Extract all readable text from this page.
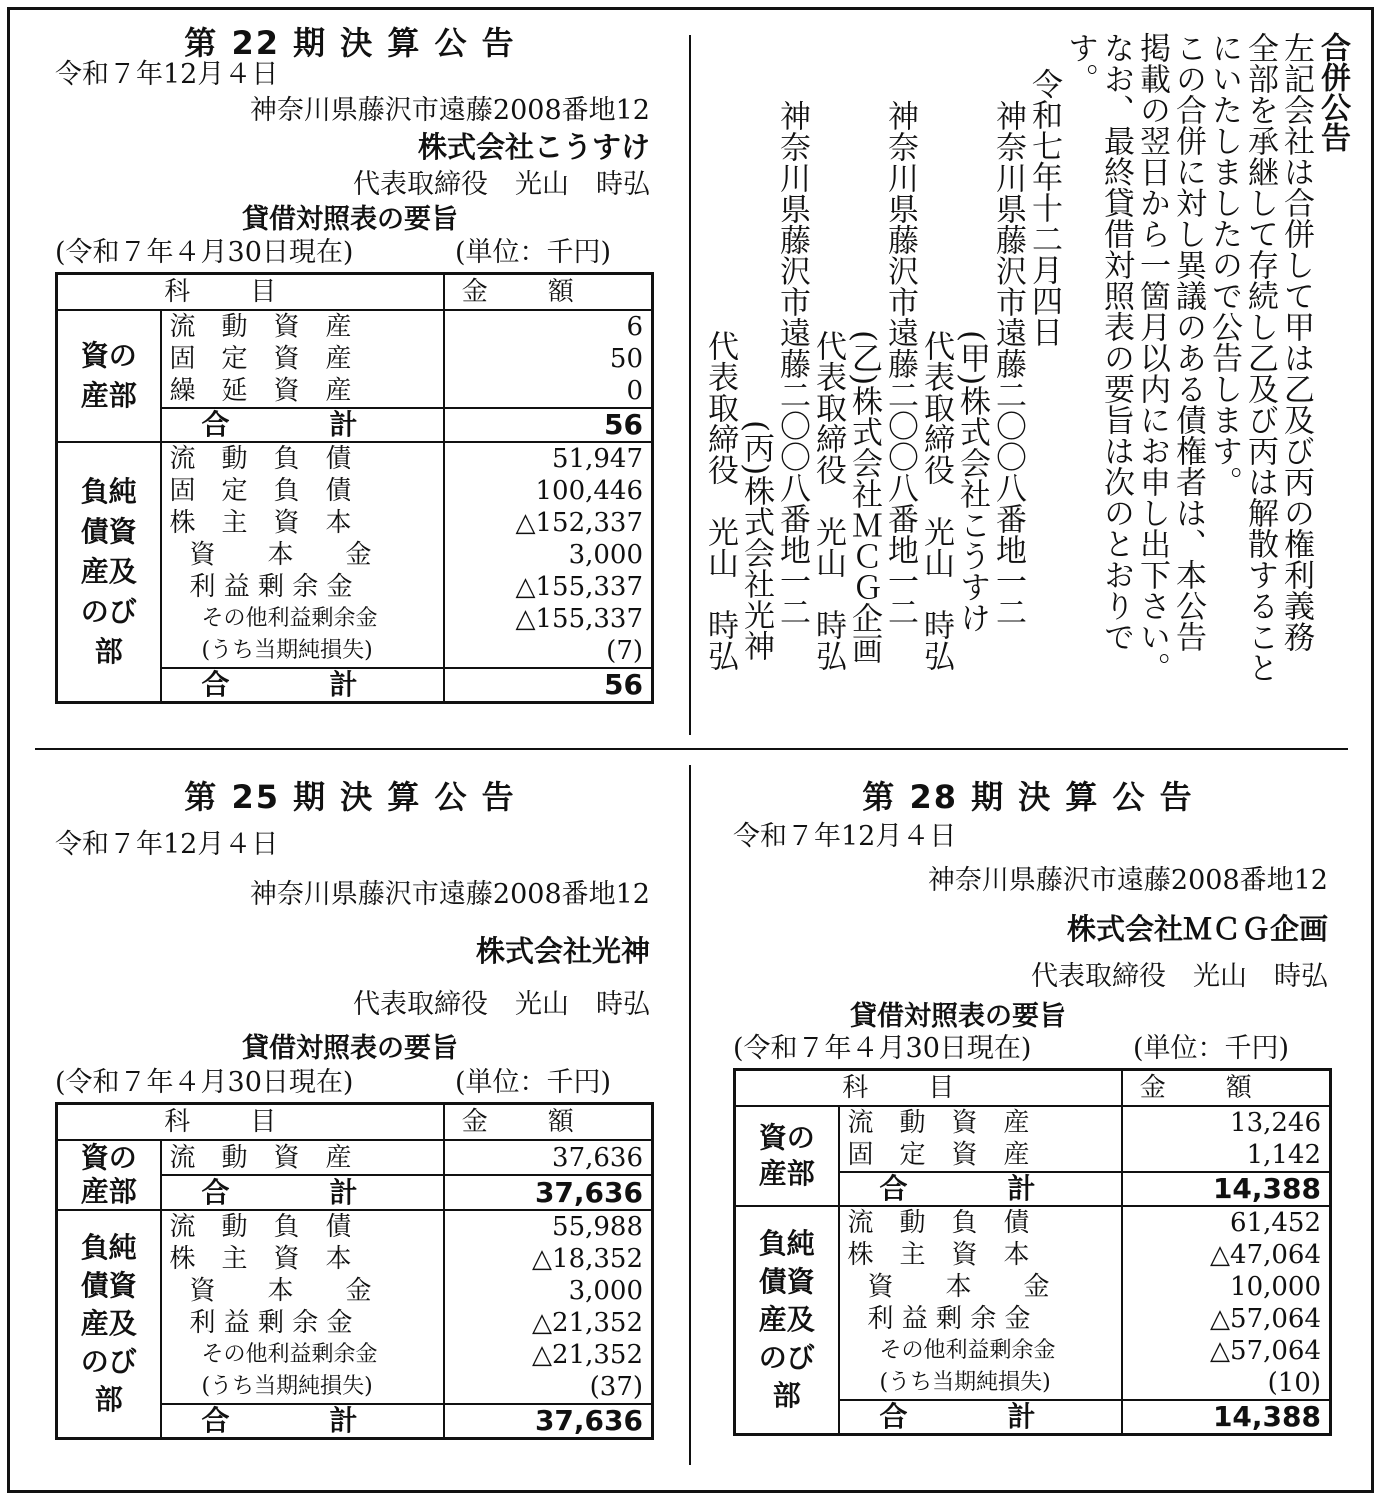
第 22 期 決 算 公 告
令和７年12月４日
神奈川県藤沢市遠藤2008番地12
株式会社こうすけ
代表取締役　光山　時弘
貸借対照表の要旨
(令和７年４月30日現在)	(単位：千円)
科目		金額

資の産部	流　動　資　産	6
	固　定　資　産	50
	繰　延　資　産	0
	合計	56

負純債資産及のび部	流　動　負　債	51,947
	固　定　負　債	100,446
	株　主　資　本	△152,337
	資　　本　　金	3,000
	利 益 剰 余 金	△155,337
	その他利益剰余金	△155,337
	(うち当期純損失)	(7)
	合計	56
合併公告
左記会社は合併して甲は乙及び丙の権利義務
全部を承継して存続し乙及び丙は解散すること
にいたしましたので公告します。
この合併に対し異議のある債権者は、本公告
掲載の翌日から一箇月以内にお申し出下さい。
なお、最終貸借対照表の要旨は次のとおりで
す。
令和七年十二月四日
神奈川県藤沢市遠藤二〇〇八番地一二
(甲)株式会社こうすけ
代表取締役　光山　時弘
神奈川県藤沢市遠藤二〇〇八番地一二
(乙)株式会社ＭＣＧ企画
代表取締役　光山　時弘
神奈川県藤沢市遠藤二〇〇八番地一二
(丙)株式会社光神
代表取締役　光山　時弘
第 25 期 決 算 公 告
令和７年12月４日
神奈川県藤沢市遠藤2008番地12
株式会社光神
代表取締役　光山　時弘
貸借対照表の要旨
(令和７年４月30日現在)	(単位：千円)
科目		金額

資の産部	流　動　資　産	37,636
	合計	37,636

負純債資産及のび部	流　動　負　債	55,988
	株　主　資　本	△18,352
	資　　本　　金	3,000
	利 益 剰 余 金	△21,352
	その他利益剰余金	△21,352
	(うち当期純損失)	(37)
	合計	37,636
第 28 期 決 算 公 告
令和７年12月４日
神奈川県藤沢市遠藤2008番地12
株式会社ＭＣＧ企画
代表取締役　光山　時弘
貸借対照表の要旨
(令和７年４月30日現在)	(単位：千円)
科目		金額

資の産部	流　動　資　産	13,246
	固　定　資　産	1,142
	合計	14,388

負純債資産及のび部	流　動　負　債	61,452
	株　主　資　本	△47,064
	資　　本　　金	10,000
	利 益 剰 余 金	△57,064
	その他利益剰余金	△57,064
	(うち当期純損失)	(10)
	合計	14,388
